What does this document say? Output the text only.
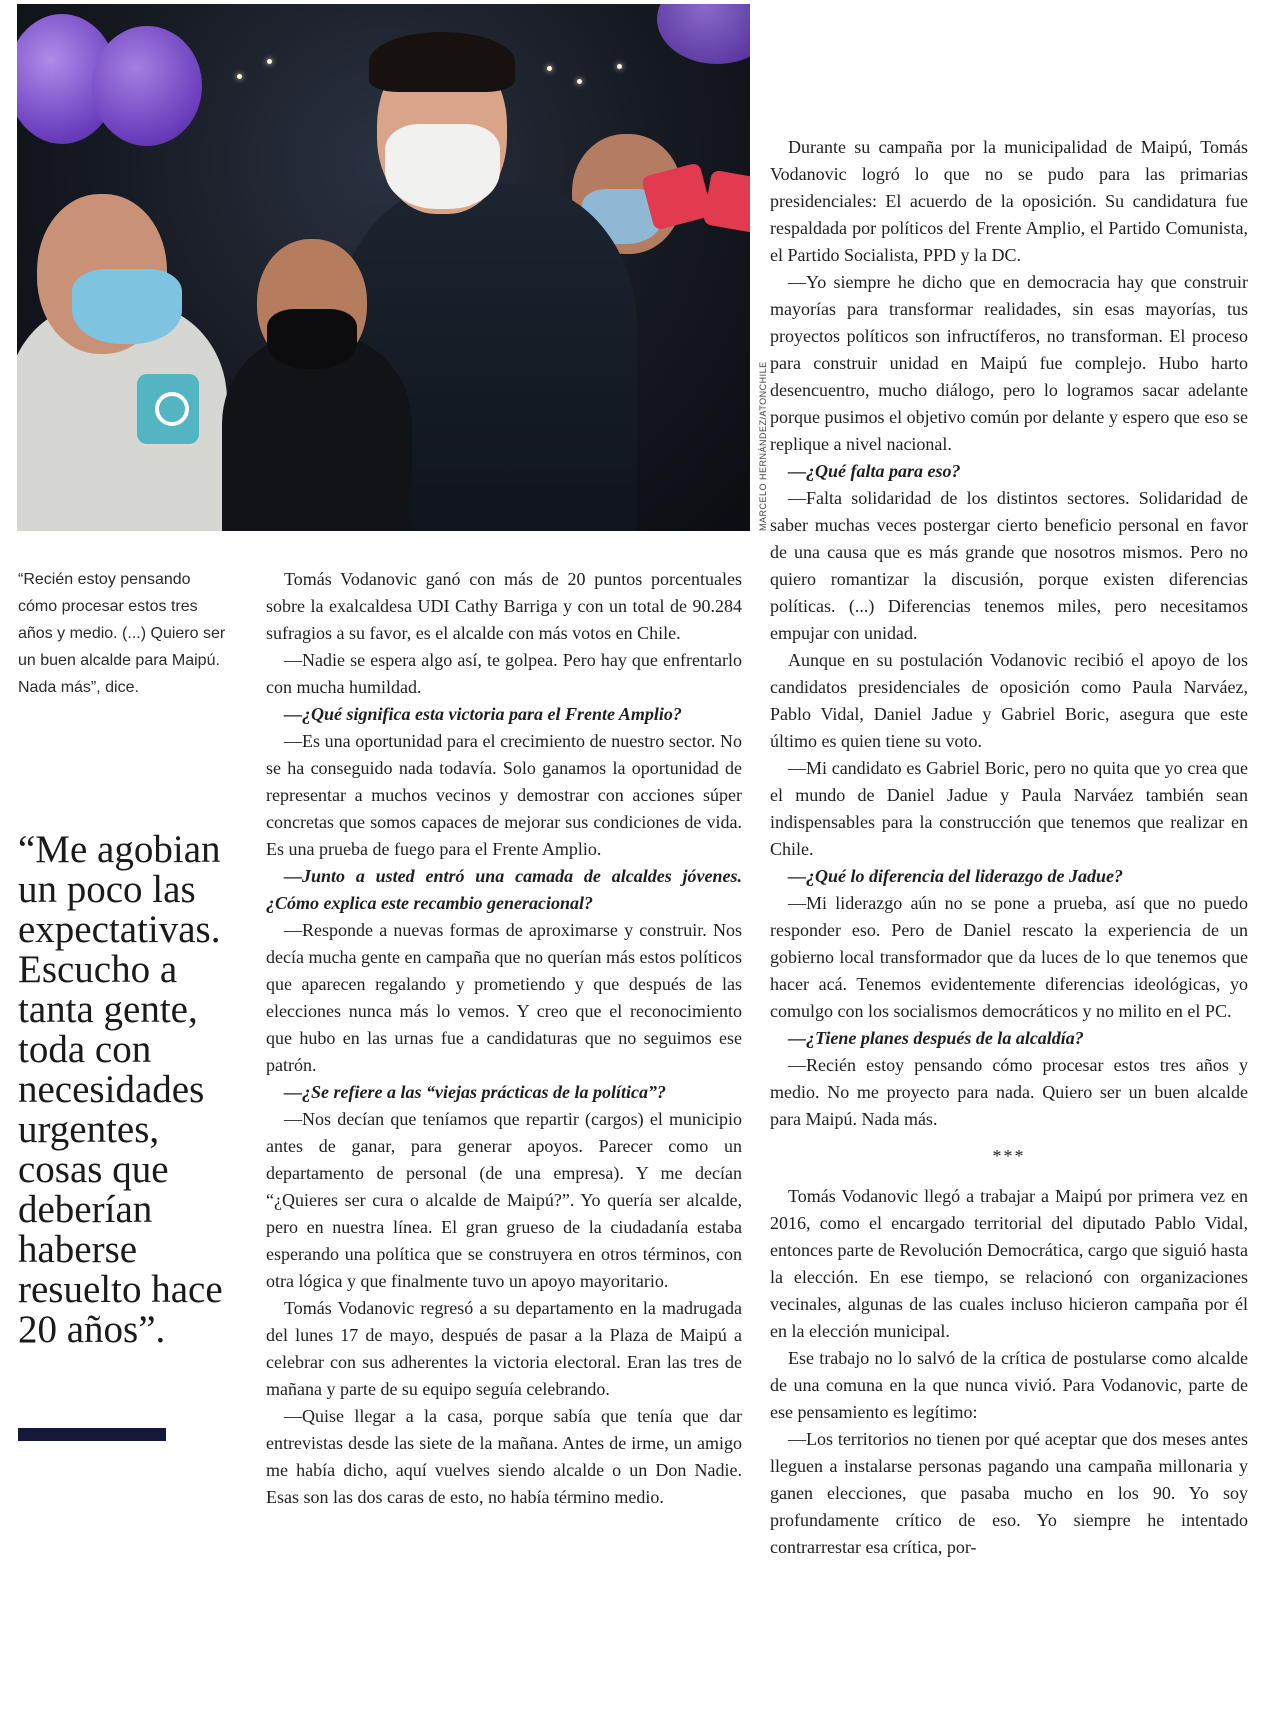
MARCELO HERNÁNDEZ/ATONCHILE
“Recién estoy pensando cómo procesar estos tres años y medio. (...) Quiero ser un buen alcalde para Maipú. Nada más”, dice.
“Me agobian un poco las expectativas. Escucho a tanta gente, toda con necesidades urgentes, cosas que deberían haberse resuelto hace 20 años”.

Tomás Vodanovic ganó con más de 20 puntos porcentuales sobre la exalcaldesa UDI Cathy Barriga y con un total de 90.284 sufragios a su favor, es el alcalde con más votos en Chile.

—Nadie se espera algo así, te golpea. Pero hay que enfrentarlo con mucha humildad.

—¿Qué significa esta victoria para el Frente Amplio?

—Es una oportunidad para el crecimiento de nuestro sector. No se ha conseguido nada todavía. Solo ganamos la oportunidad de representar a muchos vecinos y demostrar con acciones súper concretas que somos capaces de mejorar sus condiciones de vida. Es una prueba de fuego para el Frente Amplio.

—Junto a usted entró una camada de alcaldes jóvenes. ¿Cómo explica este recambio generacional?

—Responde a nuevas formas de aproximarse y construir. Nos decía mucha gente en campaña que no querían más estos políticos que aparecen regalando y prometiendo y que después de las elecciones nunca más lo vemos. Y creo que el reconocimiento que hubo en las urnas fue a candidaturas que no seguimos ese patrón.

—¿Se refiere a las “viejas prácticas de la política”?

—Nos decían que teníamos que repartir (cargos) el municipio antes de ganar, para generar apoyos. Parecer como un departamento de personal (de una empresa). Y me decían “¿Quieres ser cura o alcalde de Maipú?”. Yo quería ser alcalde, pero en nuestra línea. El gran grueso de la ciudadanía estaba esperando una política que se construyera en otros términos, con otra lógica y que finalmente tuvo un apoyo mayoritario.

Tomás Vodanovic regresó a su departamento en la madrugada del lunes 17 de mayo, después de pasar a la Plaza de Maipú a celebrar con sus adherentes la victoria electoral. Eran las tres de mañana y parte de su equipo seguía celebrando.

—Quise llegar a la casa, porque sabía que tenía que dar entrevistas desde las siete de la mañana. Antes de irme, un amigo me había dicho, aquí vuelves siendo alcalde o un Don Nadie. Esas son las dos caras de esto, no había término medio.

Durante su campaña por la municipalidad de Maipú, Tomás Vodanovic logró lo que no se pudo para las primarias presidenciales: El acuerdo de la oposición. Su candidatura fue respaldada por políticos del Frente Amplio, el Partido Comunista, el Partido Socialista, PPD y la DC.

—Yo siempre he dicho que en democracia hay que construir mayorías para transformar realidades, sin esas mayorías, tus proyectos políticos son infructíferos, no transforman. El proceso para construir unidad en Maipú fue complejo. Hubo harto desencuentro, mucho diálogo, pero lo logramos sacar adelante porque pusimos el objetivo común por delante y espero que eso se replique a nivel nacional.

—¿Qué falta para eso?

—Falta solidaridad de los distintos sectores. Solidaridad de saber muchas veces postergar cierto beneficio personal en favor de una causa que es más grande que nosotros mismos. Pero no quiero romantizar la discusión, porque existen diferencias políticas. (...) Diferencias tenemos miles, pero necesitamos empujar con unidad.

Aunque en su postulación Vodanovic recibió el apoyo de los candidatos presidenciales de oposición como Paula Narváez, Pablo Vidal, Daniel Jadue y Gabriel Boric, asegura que este último es quien tiene su voto.

—Mi candidato es Gabriel Boric, pero no quita que yo crea que el mundo de Daniel Jadue y Paula Narváez también sean indispensables para la construcción que tenemos que realizar en Chile.

—¿Qué lo diferencia del liderazgo de Jadue?

—Mi liderazgo aún no se pone a prueba, así que no puedo responder eso. Pero de Daniel rescato la experiencia de un gobierno local transformador que da luces de lo que tenemos que hacer acá. Tenemos evidentemente diferencias ideológicas, yo comulgo con los socialismos democráticos y no milito en el PC.

—¿Tiene planes después de la alcaldía?

—Recién estoy pensando cómo procesar estos tres años y medio. No me proyecto para nada. Quiero ser un buen alcalde para Maipú. Nada más.

***

Tomás Vodanovic llegó a trabajar a Maipú por primera vez en 2016, como el encargado territorial del diputado Pablo Vidal, entonces parte de Revolución Democrática, cargo que siguió hasta la elección. En ese tiempo, se relacionó con organizaciones vecinales, algunas de las cuales incluso hicieron campaña por él en la elección municipal.

Ese trabajo no lo salvó de la crítica de postularse como alcalde de una comuna en la que nunca vivió. Para Vodanovic, parte de ese pensamiento es legítimo:

—Los territorios no tienen por qué aceptar que dos meses antes lleguen a instalarse personas pagando una campaña millonaria y ganen elecciones, que pasaba mucho en los 90. Yo soy profundamente crítico de eso. Yo siempre he intentado contrarrestar esa crítica, por-
